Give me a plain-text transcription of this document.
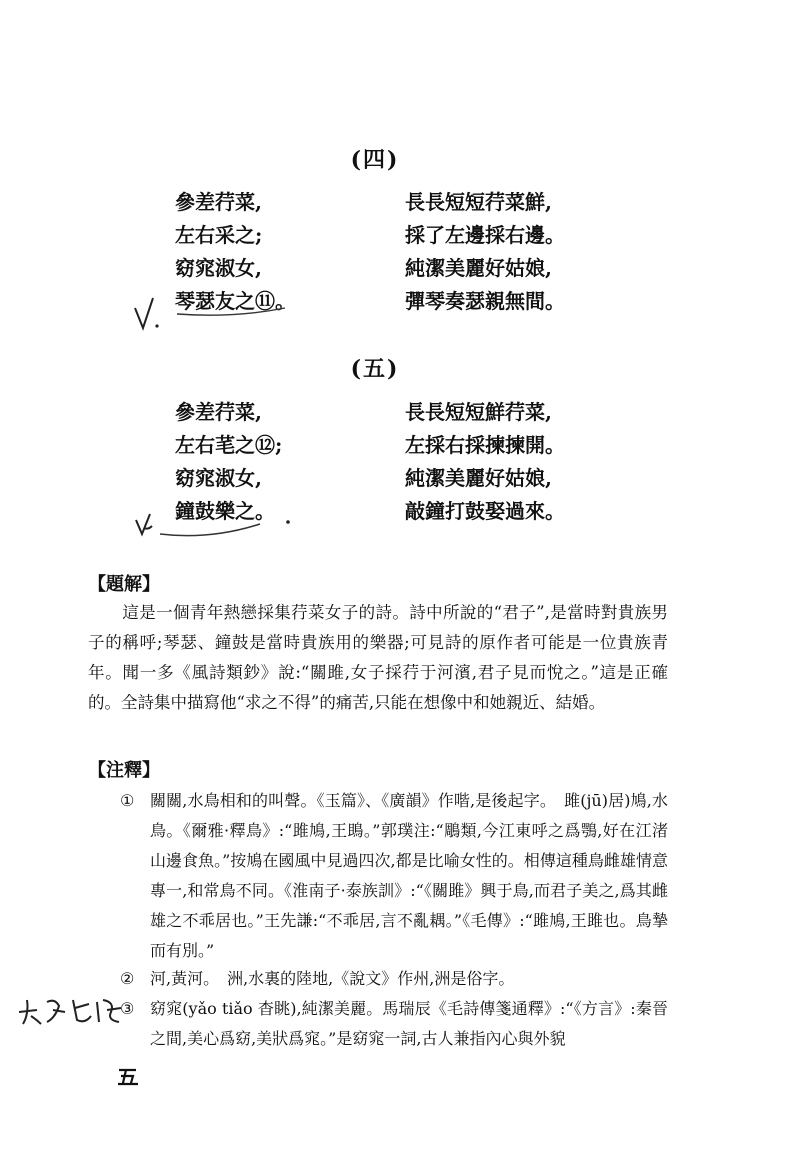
(四)
參差荇菜,	長長短短荇菜鮮,
左右采之;	採了左邊採右邊。
窈窕淑女,	純潔美麗好姑娘,
琴瑟友之⑪。	彈琴奏瑟親無間。
(五)
參差荇菜,	長長短短鮮荇菜,
左右芼之⑫;	左採右採揀揀開。
窈窕淑女,	純潔美麗好姑娘,
鐘鼓樂之。	敲鐘打鼓娶過來。
【題解】
這是一個青年熱戀採集荇菜女子的詩。詩中所說的“君子”,是當時對貴族男子的稱呼;琴瑟、鐘鼓是當時貴族用的樂器;可見詩的原作者可能是一位貴族青年。聞一多《風詩類鈔》說:“關雎,女子採荇于河濱,君子見而悅之。”這是正確的。全詩集中描寫他“求之不得”的痛苦,只能在想像中和她親近、結婚。
【注釋】
① 關關,水鳥相和的叫聲。《玉篇》、《廣韻》作喈,是後起字。　雎(jū)居)鳩,水鳥。《爾雅·釋鳥》:“雎鳩,王鴡。”郭璞注:“鵰類,今江東呼之爲鶚,好在江渚山邊食魚。”按鳩在國風中見過四次,都是比喻女性的。相傳這種鳥雌雄情意專一,和常鳥不同。《淮南子·泰族訓》:“《關雎》興于鳥,而君子美之,爲其雌雄之不乖居也。”王先謙:“不乖居,言不亂耦。”《毛傳》:“雎鳩,王雎也。鳥摯而有別。”
② 河,黃河。　洲,水裏的陸地,《說文》作州,洲是俗字。
③ 窈窕(yǎo tiǎo 杳眺),純潔美麗。馬瑞辰《毛詩傳箋通釋》:“《方言》:秦晉之間,美心爲窈,美狀爲窕。”是窈窕一詞,古人兼指內心與外貌
